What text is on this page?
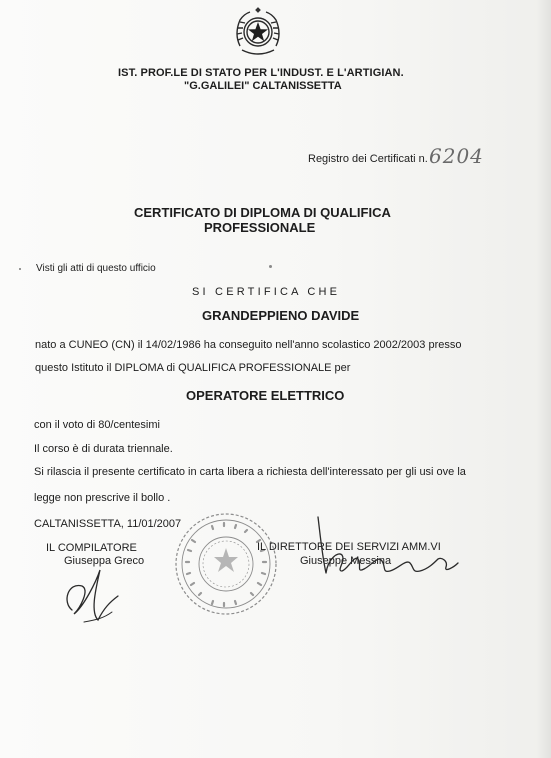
IST. PROF.LE DI STATO PER L'INDUST. E L'ARTIGIAN.
"G.GALILEI" CALTANISSETTA
Registro dei Certificati n. 6204
CERTIFICATO DI DIPLOMA DI QUALIFICA
PROFESSIONALE
Visti gli atti di questo ufficio
SI CERTIFICA CHE
GRANDEPPIENO DAVIDE
nato a CUNEO (CN) il 14/02/1986 ha conseguito nell'anno scolastico 2002/2003 presso
questo Istituto il DIPLOMA di QUALIFICA PROFESSIONALE per
OPERATORE ELETTRICO
con il voto di 80/centesimi
Il corso è di durata triennale.
Si rilascia il presente certificato in carta libera a richiesta dell'interessato per gli usi ove la
legge non prescrive il bollo .
CALTANISSETTA, 11/01/2007
IL COMPILATORE
Giuseppa Greco
IL DIRETTORE DEI SERVIZI AMM.VI
Giuseppe Messina
